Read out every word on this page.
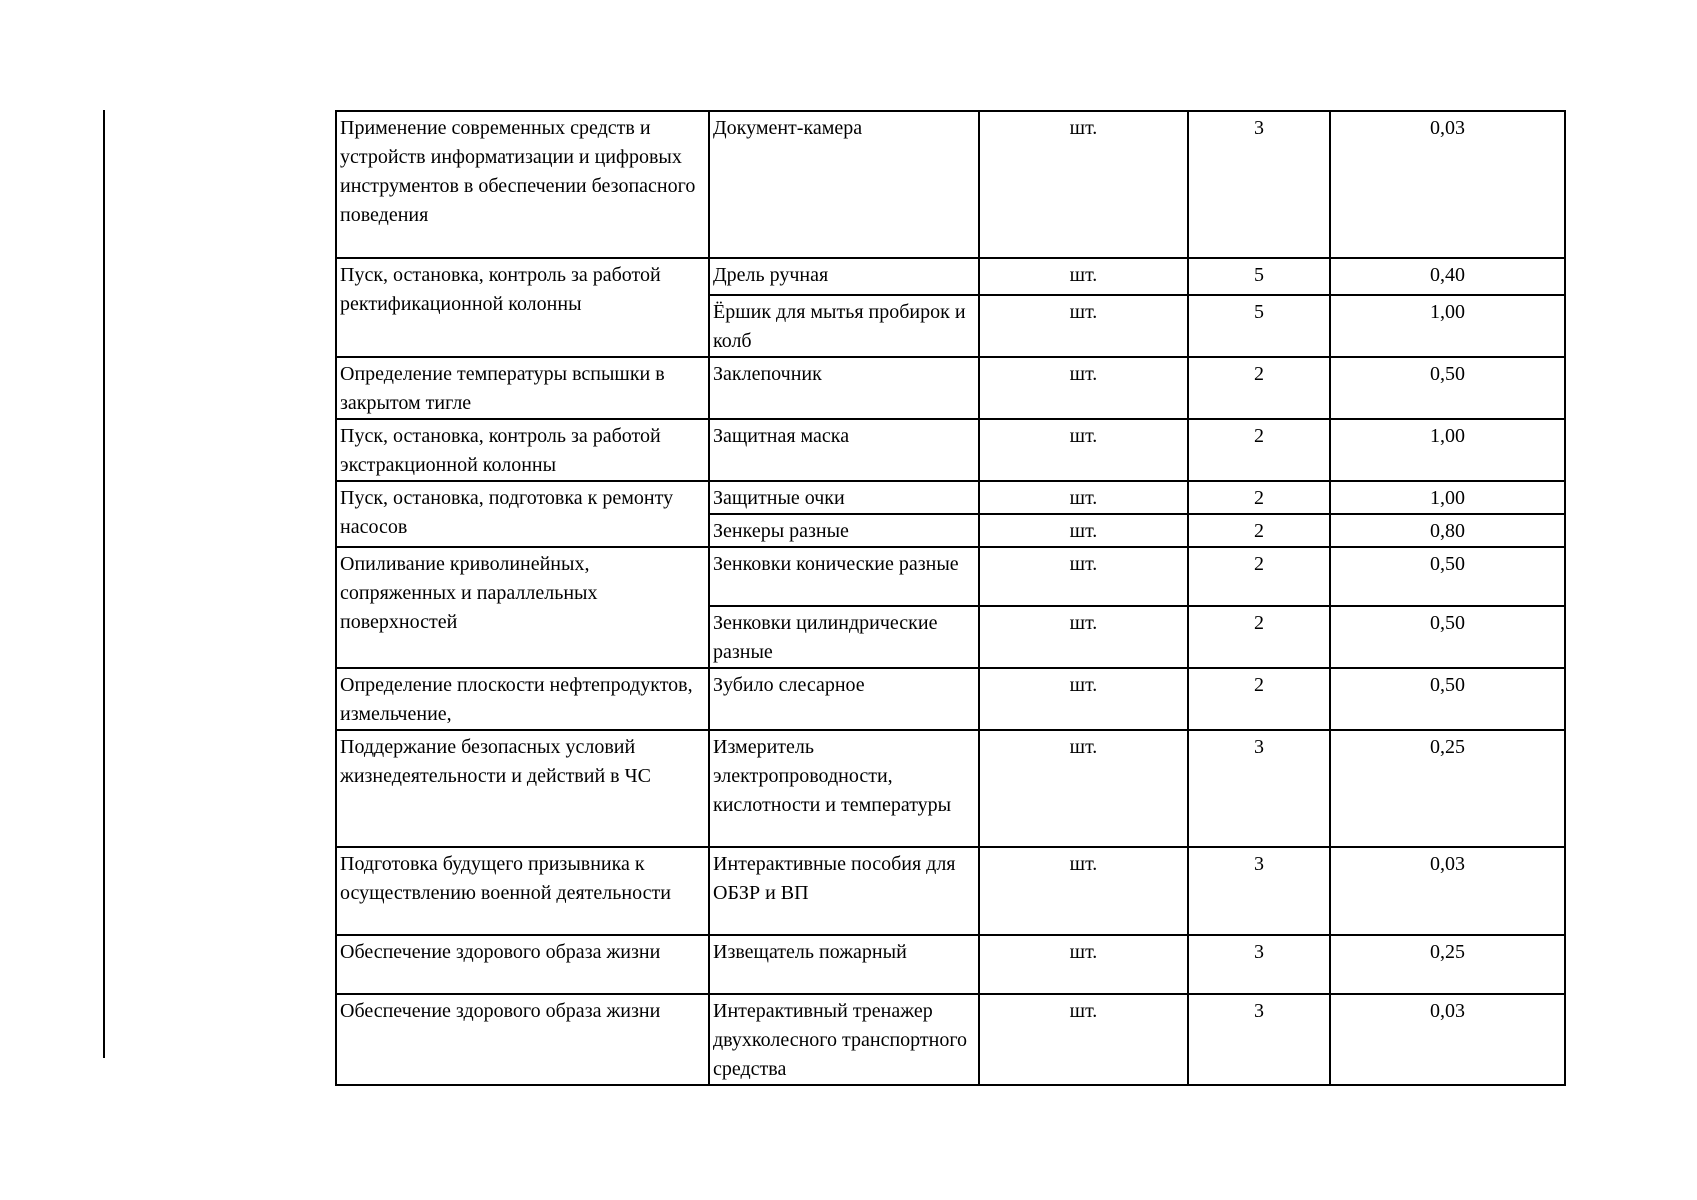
Применение современных средств и устройств информатизации и цифровых инструментов в обеспечении безопасного поведения	Документ-камера	шт.	3	0,03
Пуск, остановка, контроль за работой ректификационной колонны	Дрель ручная	шт.	5	0,40
	Ёршик для мытья пробирок и колб	шт.	5	1,00
Определение температуры вспышки в закрытом тигле	Заклепочник	шт.	2	0,50
Пуск, остановка, контроль за работой экстракционной колонны	Защитная маска	шт.	2	1,00
Пуск, остановка, подготовка к ремонту насосов	Защитные очки	шт.	2	1,00
	Зенкеры разные	шт.	2	0,80
Опиливание криволинейных, сопряженных и параллельных поверхностей	Зенковки конические разные	шт.	2	0,50
	Зенковки цилиндрические разные	шт.	2	0,50
Определение плоскости нефтепродуктов, измельчение,	Зубило слесарное	шт.	2	0,50
Поддержание безопасных условий жизнедеятельности и действий в ЧС	Измеритель электропроводности, кислотности и температуры	шт.	3	0,25
Подготовка будущего призывника к осуществлению военной деятельности	Интерактивные пособия для ОБЗР и ВП	шт.	3	0,03
Обеспечение здорового образа жизни	Извещатель пожарный	шт.	3	0,25
Обеспечение здорового образа жизни	Интерактивный тренажер двухколесного транспортного средства	шт.	3	0,03
